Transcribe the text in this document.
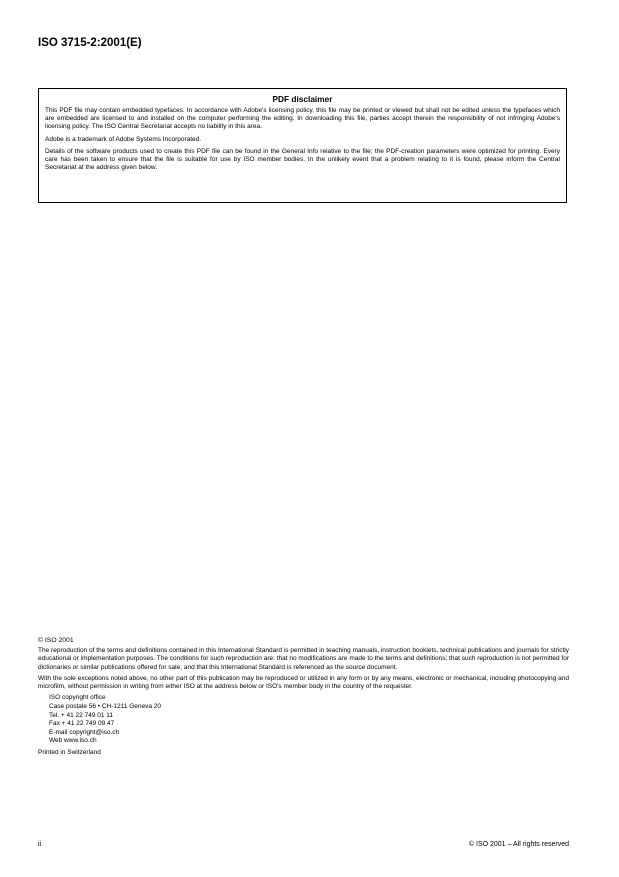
ISO 3715-2:2001(E)
PDF disclaimer

This PDF file may contain embedded typefaces. In accordance with Adobe's licensing policy, this file may be printed or viewed but shall not be edited unless the typefaces which are embedded are licensed to and installed on the computer performing the editing. In downloading this file, parties accept therein the responsibility of not infringing Adobe's licensing policy. The ISO Central Secretariat accepts no liability in this area.

Adobe is a trademark of Adobe Systems Incorporated.

Details of the software products used to create this PDF file can be found in the General Info relative to the file; the PDF-creation parameters were optimized for printing. Every care has been taken to ensure that the file is suitable for use by ISO member bodies. In the unlikely event that a problem relating to it is found, please inform the Central Secretariat at the address given below.

© ISO 2001

The reproduction of the terms and definitions contained in this International Standard is permitted in teaching manuals, instruction booklets, technical publications and journals for strictly educational or implementation purposes. The conditions for such reproduction are: that no modifications are made to the terms and definitions; that such reproduction is not permitted for dictionaries or similar publications offered for sale; and that this International Standard is referenced as the source document.

With the sole exceptions noted above, no other part of this publication may be reproduced or utilized in any form or by any means, electronic or mechanical, including photocopying and microfilm, without permission in writing from either ISO at the address below or ISO's member body in the country of the requester.

ISO copyright office
Case postale 56 • CH-1211 Geneva 20
Tel. + 41 22 749 01 11
Fax + 41 22 749 09 47
E-mail copyright@iso.ch
Web www.iso.ch
Printed in Switzerland
ii	© ISO 2001 – All rights reserved
